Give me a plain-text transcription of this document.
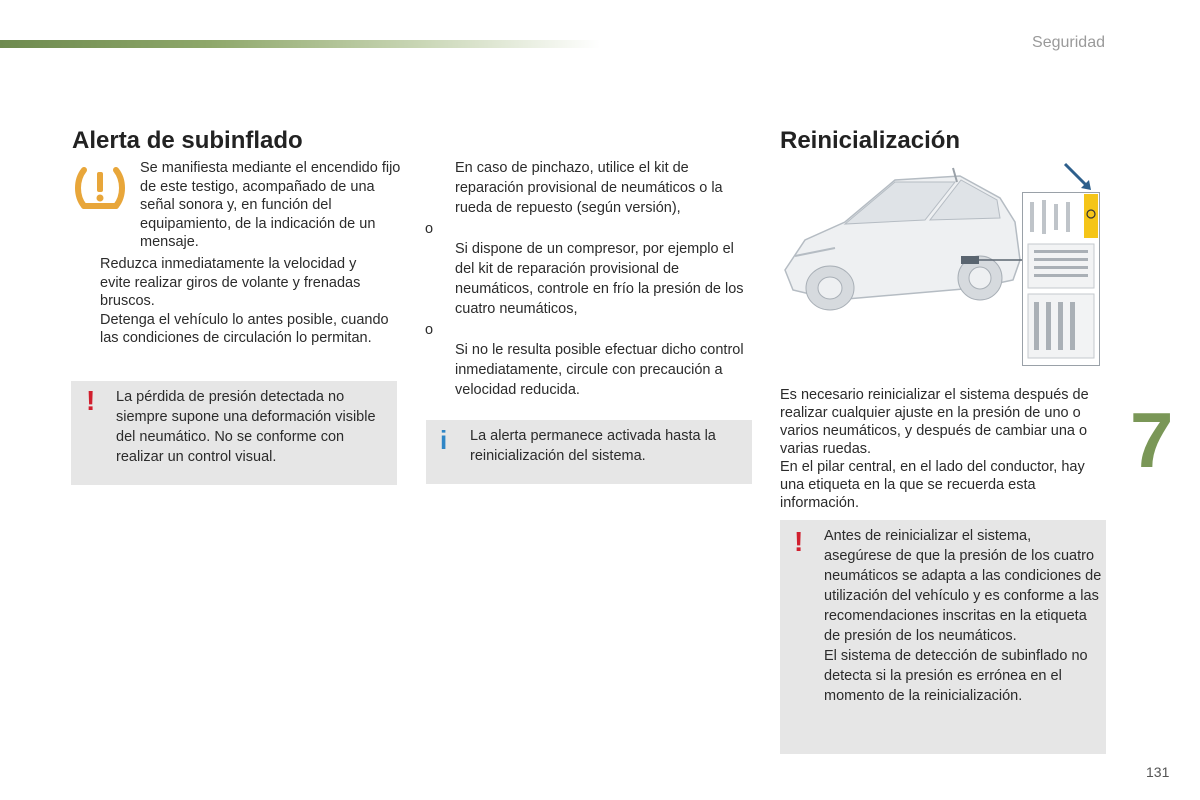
Seguridad
Alerta de subinflado

Se manifiesta mediante el encendido fijo de este testigo, acompañado de una señal sonora y, en función del equipamiento, de la indicación de un mensaje.

Reduzca inmediatamente la velocidad y evite realizar giros de volante y frenadas bruscos.
Detenga el vehículo lo antes posible, cuando las condiciones de circulación lo permitan.
! La pérdida de presión detectada no siempre supone una deformación visible del neumático. No se conforme con realizar un control visual.

En caso de pinchazo, utilice el kit de reparación provisional de neumáticos o la rueda de repuesto (según versión),

o

Si dispone de un compresor, por ejemplo el del kit de reparación provisional de neumáticos, controle en frío la presión de los cuatro neumáticos,

o

Si no le resulta posible efectuar dicho control inmediatamente, circule con precaución a velocidad reducida.
i La alerta permanece activada hasta la reinicialización del sistema.

Reinicialización

Es necesario reinicializar el sistema después de realizar cualquier ajuste en la presión de uno o varios neumáticos, y después de cambiar una o varias ruedas.

En el pilar central, en el lado del conductor, hay una etiqueta en la que se recuerda esta información.

! Antes de reinicializar el sistema, asegúrese de que la presión de los cuatro neumáticos se adapta a las condiciones de utilización del vehículo y es conforme a las recomendaciones inscritas en la etiqueta de presión de los neumáticos.

El sistema de detección de subinflado no detecta si la presión es errónea en el momento de la reinicialización.

7
131
